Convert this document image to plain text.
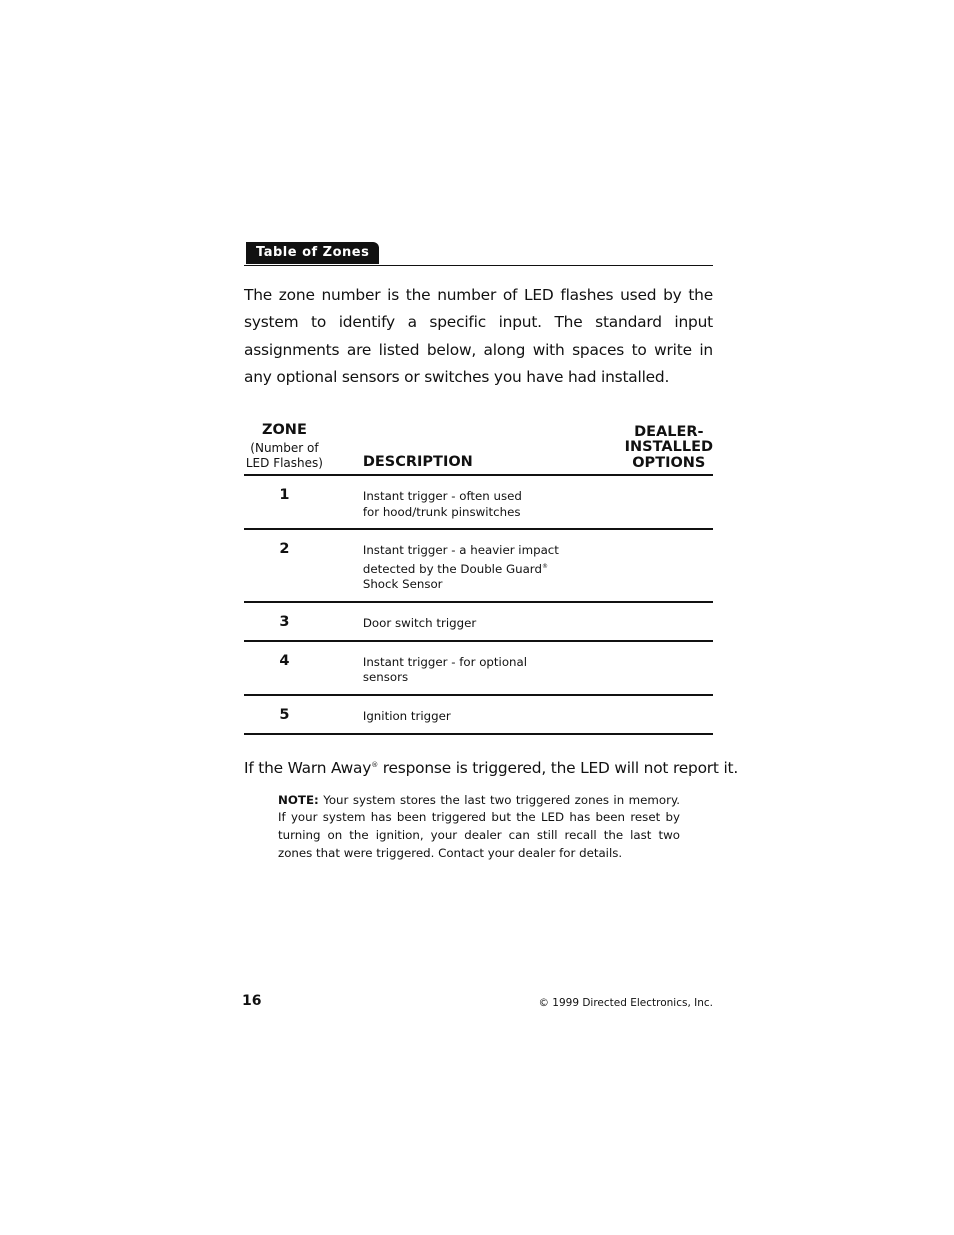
Table of Zones

The zone number is the number of LED flashes used by the system to identify a specific input. The standard input assignments are listed below, along with spaces to write in any optional sensors or switches you have had installed.

ZONE
(Number of
LED Flashes)	DESCRIPTION	DEALER-INSTALLED
OPTIONS

1	Instant trigger - often used
for hood/trunk pinswitches	

2	Instant trigger - a heavier impact
detected by the Double Guard®
Shock Sensor	

3	Door switch trigger	

4	Instant trigger - for optional
sensors	

5	Ignition trigger	

If the Warn Away® response is triggered, the LED will not report it.

NOTE: Your system stores the last two triggered zones in memory. If your system has been triggered but the LED has been reset by turning on the ignition, your dealer can still recall the last two zones that were triggered. Contact your dealer for details.

16	© 1999 Directed Electronics, Inc.
